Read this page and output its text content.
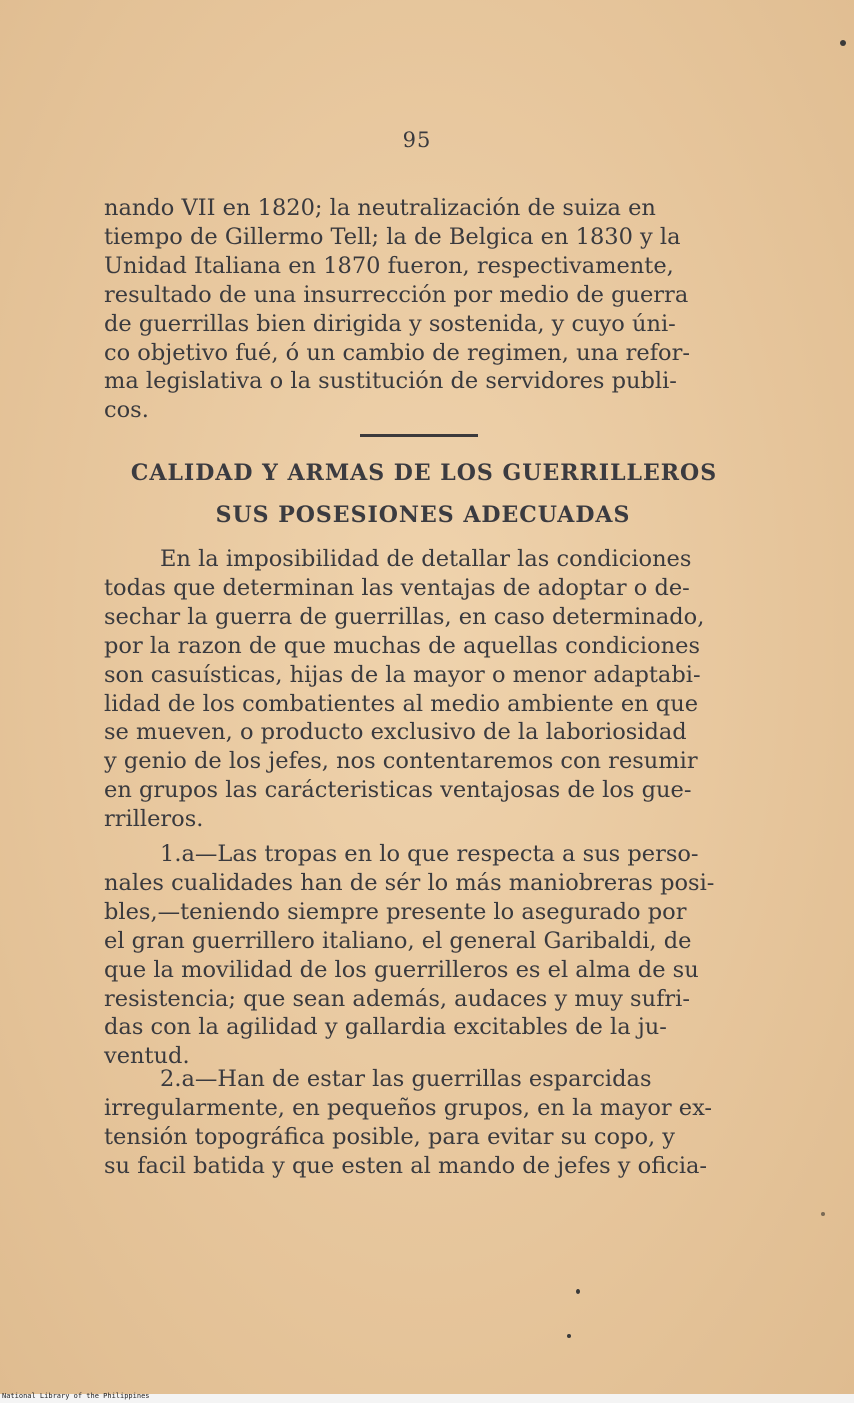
95
nando VII en 1820; la neutralización de suiza en
tiempo de Gillermo Tell; la de Belgica en 1830 y la
Unidad Italiana en 1870 fueron, respectivamente,
resultado de una insurrección por medio de guerra
de guerrillas bien dirigida y sostenida, y cuyo úni-
co objetivo fué, ó un cambio de regimen, una refor-
ma legislativa o la sustitución de servidores publi-
cos.
CALIDAD Y ARMAS DE LOS GUERRILLEROS
SUS POSESIONES ADECUADAS
En la imposibilidad de detallar las condiciones
todas que determinan las ventajas de adoptar o de-
sechar la guerra de guerrillas, en caso determinado,
por la razon de que muchas de aquellas condiciones
son casuísticas, hijas de la mayor o menor adaptabi-
lidad de los combatientes al medio ambiente en que
se mueven, o producto exclusivo de la laboriosidad
y genio de los jefes, nos contentaremos con resumir
en grupos las carácteristicas ventajosas de los gue-
rrilleros.
1.a—Las tropas en lo que respecta a sus perso-
nales cualidades han de sér lo más maniobreras posi-
bles,—teniendo siempre presente lo asegurado por
el gran guerrillero italiano, el general Garibaldi, de
que la movilidad de los guerrilleros es el alma de su
resistencia; que sean además, audaces y muy sufri-
das con la agilidad y gallardia excitables de la ju-
ventud.
2.a—Han de estar las guerrillas esparcidas
irregularmente, en pequeños grupos, en la mayor ex-
tensión topográfica posible, para evitar su copo, y
su facil batida y que esten al mando de jefes y oficia-
National Library of the Philippines
